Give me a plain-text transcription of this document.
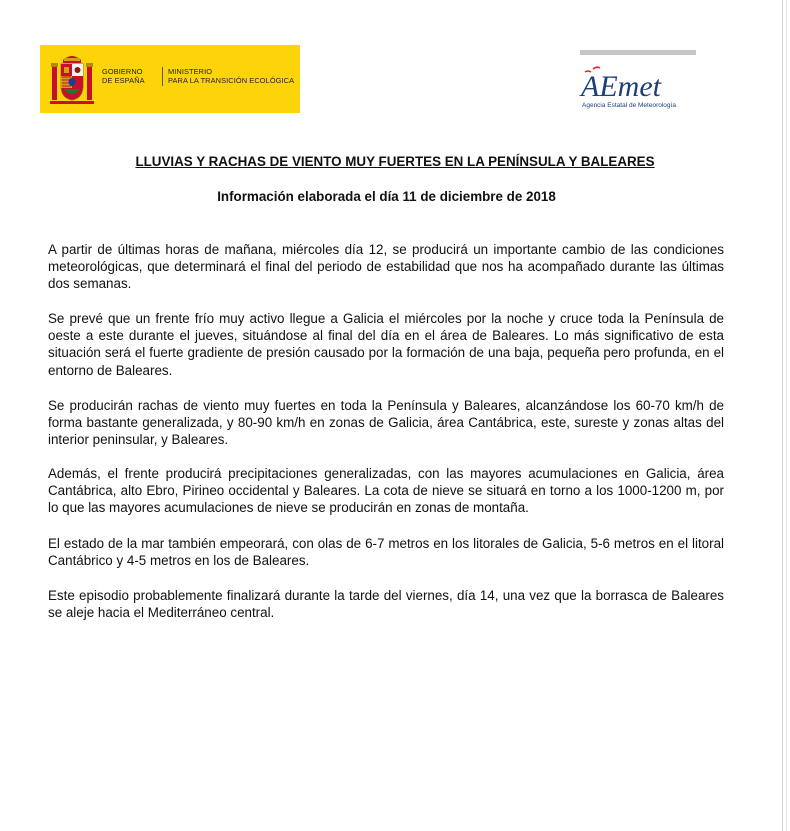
GOBIERNO
DE ESPAÑA
MINISTERIO
PARA LA TRANSICIÓN ECOLÓGICA	AEmet
Agencia Estatal de Meteorología
LLUVIAS Y RACHAS DE VIENTO MUY FUERTES EN LA PENÍNSULA Y BALEARES
Información elaborada el día 11 de diciembre de 2018
A partir de últimas horas de mañana, miércoles día 12, se producirá un importante cambio de las condiciones meteorológicas, que determinará el final del periodo de estabilidad que nos ha acompañado durante las últimas dos semanas.
Se prevé que un frente frío muy activo llegue a Galicia el miércoles por la noche y cruce toda la Península de oeste a este durante el jueves, situándose al final del día en el área de Baleares. Lo más significativo de esta situación será el fuerte gradiente de presión causado por la formación de una baja, pequeña pero profunda, en el entorno de Baleares.
Se producirán rachas de viento muy fuertes en toda la Península y Baleares, alcanzándose los 60-70 km/h de forma bastante generalizada, y 80-90 km/h en zonas de Galicia, área Cantábrica, este, sureste y zonas altas del interior peninsular, y Baleares.
Además, el frente producirá precipitaciones generalizadas, con las mayores acumulaciones en Galicia, área Cantábrica, alto Ebro, Pirineo occidental y Baleares. La cota de nieve se situará en torno a los 1000-1200 m, por lo que las mayores acumulaciones de nieve se producirán en zonas de montaña.
El estado de la mar también empeorará, con olas de 6-7 metros en los litorales de Galicia, 5-6 metros en el litoral Cantábrico y 4-5 metros en los de Baleares.
Este episodio probablemente finalizará durante la tarde del viernes, día 14, una vez que la borrasca de Baleares se aleje hacia el Mediterráneo central.
